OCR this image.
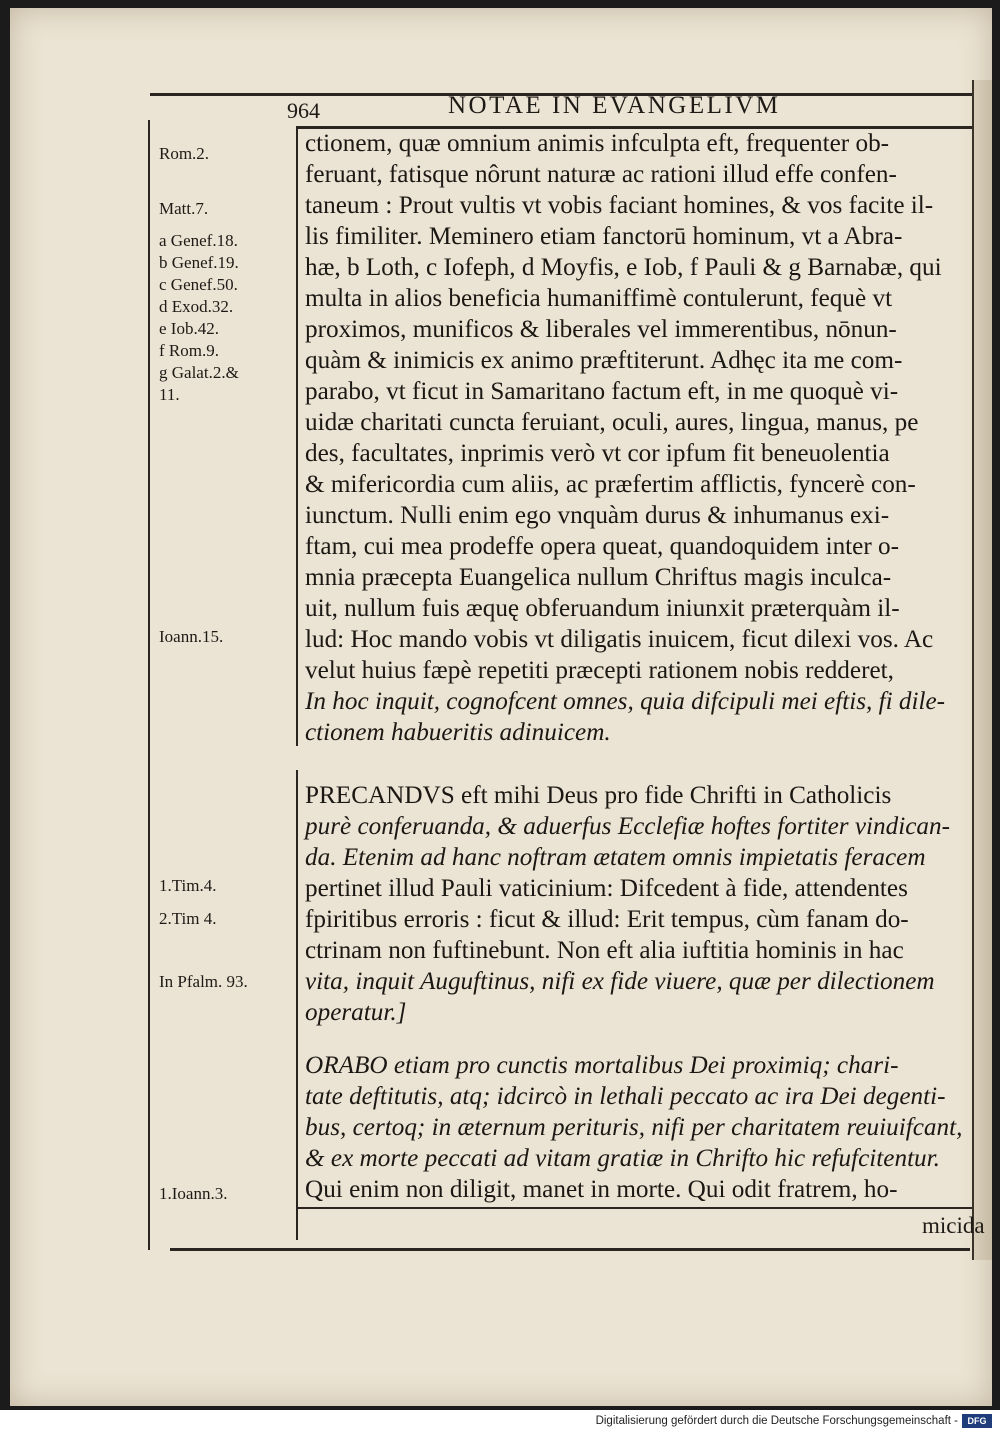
964	NOTAE IN EVANGELIVM
Rom.2.
Matt.7.
a Genef.18.
b Genef.19.
c Genef.50.
d Exod.32.
e Iob.42.
f Rom.9.
g Galat.2.&
11.
Ioann.15.
1.Tim.4.
2.Tim 4.
In Pfalm. 93.
1.Ioann.3.
ctionem, quæ omnium animis infculpta eft, frequenter ob-
feruant, fatisque nôrunt naturæ ac rationi illud effe confen-
taneum : Prout vultis vt vobis faciant homines, & vos facite il-
lis fimiliter. Meminero etiam fanctorū hominum, vt a Abra-
hæ, b Loth, c Iofeph, d Moyfis, e Iob, f Pauli & g Barnabæ, qui
multa in alios beneficia humaniffimè contulerunt, fequè vt
proximos, munificos & liberales vel immerentibus, nōnun-
quàm & inimicis ex animo præftiterunt. Adhęc ita me com-
parabo, vt ficut in Samaritano factum eft, in me quoquè vi-
uidæ charitati cuncta feruiant, oculi, aures, lingua, manus, pe
des, facultates, inprimis verò vt cor ipfum fit beneuolentia
& mifericordia cum aliis, ac præfertim afflictis, fyncerè con-
iunctum. Nulli enim ego vnquàm durus & inhumanus exi-
ftam, cui mea prodeffe opera queat, quandoquidem inter o-
mnia præcepta Euangelica nullum Chriftus magis inculca-
uit, nullum fuis æquę obferuandum iniunxit præterquàm il-
lud: Hoc mando vobis vt diligatis inuicem, ficut dilexi vos. Ac
velut huius fæpè repetiti præcepti rationem nobis redderet,
In hoc inquit, cognofcent omnes, quia difcipuli mei eftis, fi dile-
ctionem habueritis adinuicem.
PRECANDVS eft mihi Deus pro fide Chrifti in Catholicis
purè conferuanda, & aduerfus Ecclefiæ hoftes fortiter vindican-
da. Etenim ad hanc noftram ætatem omnis impietatis feracem
pertinet illud Pauli vaticinium: Difcedent à fide, attendentes
fpiritibus erroris : ficut & illud: Erit tempus, cùm fanam do-
ctrinam non fuftinebunt. Non eft alia iuftitia hominis in hac
vita, inquit Auguftinus, nifi ex fide viuere, quæ per dilectionem
operatur.]
ORABO etiam pro cunctis mortalibus Dei proximiq; chari-
tate deftitutis, atq; idcircò in lethali peccato ac ira Dei degenti-
bus, certoq; in æternum perituris, nifi per charitatem reuiuifcant,
& ex morte peccati ad vitam gratiæ in Chrifto hic refufcitentur.
Qui enim non diligit, manet in morte. Qui odit fratrem, ho-
micida
Digitalisierung gefördert durch die Deutsche Forschungsgemeinschaft -	DFG
